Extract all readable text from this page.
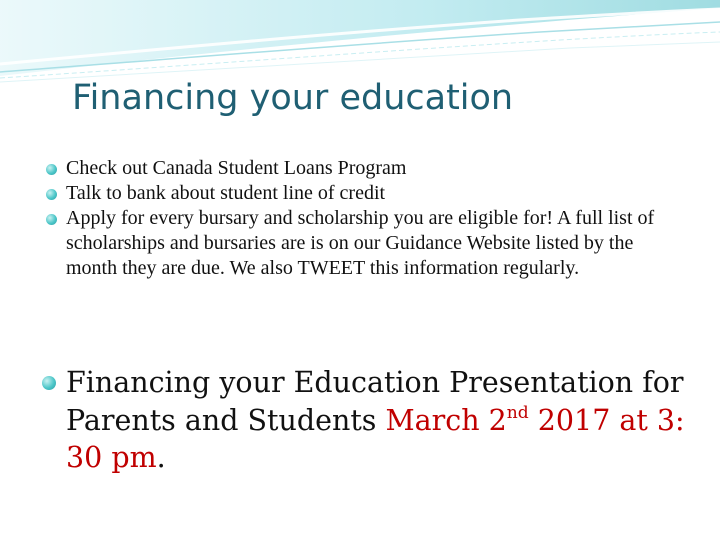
Financing your education
Check out Canada Student Loans Program
Talk to bank about student line of credit
Apply for every bursary and scholarship you are eligible for! A full list of scholarships and bursaries are is on our Guidance Website listed by the month they are due. We also TWEET this information regularly.
Financing your Education Presentation for Parents and Students March 2nd 2017 at 3: 30 pm.
